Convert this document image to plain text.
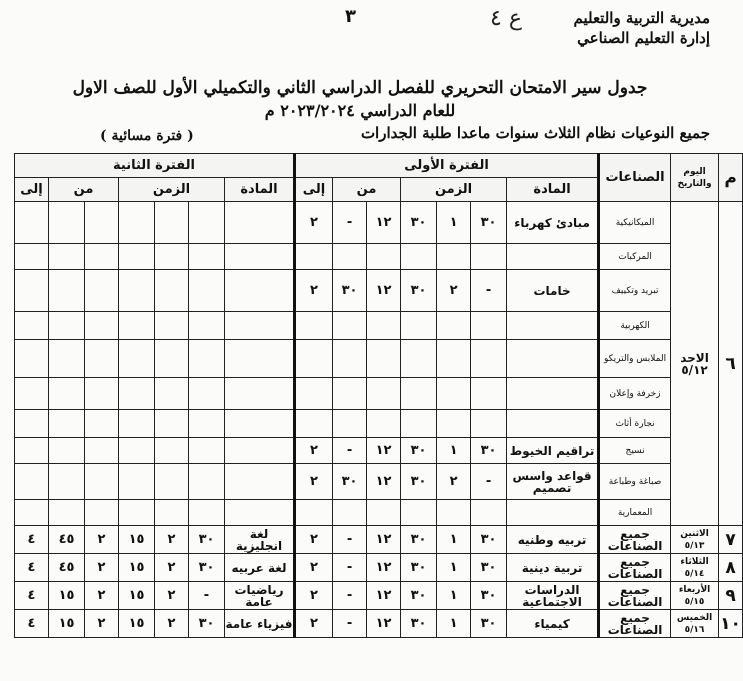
مديرية التربية والتعليم
إدارة التعليم الصناعي
٣	ع ٤
جدول سير الامتحان التحريري للفصل الدراسي الثاني والتكميلي الأول للصف الاول
للعام الدراسي ٢٠٢٣/٢٠٢٤ م
جميع النوعيات نظام الثلاث سنوات ماعدا طلبة الجدارات
( فترة مسائية )
م	اليوم والتاريخ	الصناعات	الفترة الأولى							الفترة الثانية						
			المادة	الزمن			من		إلى	المادة	الزمن			من		إلى
٦	الاحد ٥/١٢	الميكانيكية	مبادئ كهرباء	٣٠	١	٣٠	١٢	-	٢							
		المركبات														
		تبريد وتكييف	خامات	-	٢	٣٠	١٢	٣٠	٢							
		الكهربية														
		الملابس والتريكو														
		زخرفة وإعلان														
		نجارة أثاث														
		نسيج	تراقيم الخيوط	٣٠	١	٣٠	١٢	-	٢							
		صباغة وطباعة	قواعد واسس تصميم	-	٢	٣٠	١٢	٣٠	٢							
		المعمارية														
٧	الاثنين ٥/١٣	جميع الصناعات	تربيه وطنيه	٣٠	١	٣٠	١٢	-	٢	لغة انجليزية	٣٠	٢	١٥	٢	٤٥	٤
٨	الثلاثاء ٥/١٤	جميع الصناعات	تربية دينية	٣٠	١	٣٠	١٢	-	٢	لغة عربيه	٣٠	٢	١٥	٢	٤٥	٤
٩	الأربعاء ٥/١٥	جميع الصناعات	الدراسات الاجتماعية	٣٠	١	٣٠	١٢	-	٢	رياضيات عامة	-	٢	١٥	٢	١٥	٤
١٠	الخميس ٥/١٦	جميع الصناعات	كيمياء	٣٠	١	٣٠	١٢	-	٢	فيزياء عامة	٣٠	٢	١٥	٢	١٥	٤
